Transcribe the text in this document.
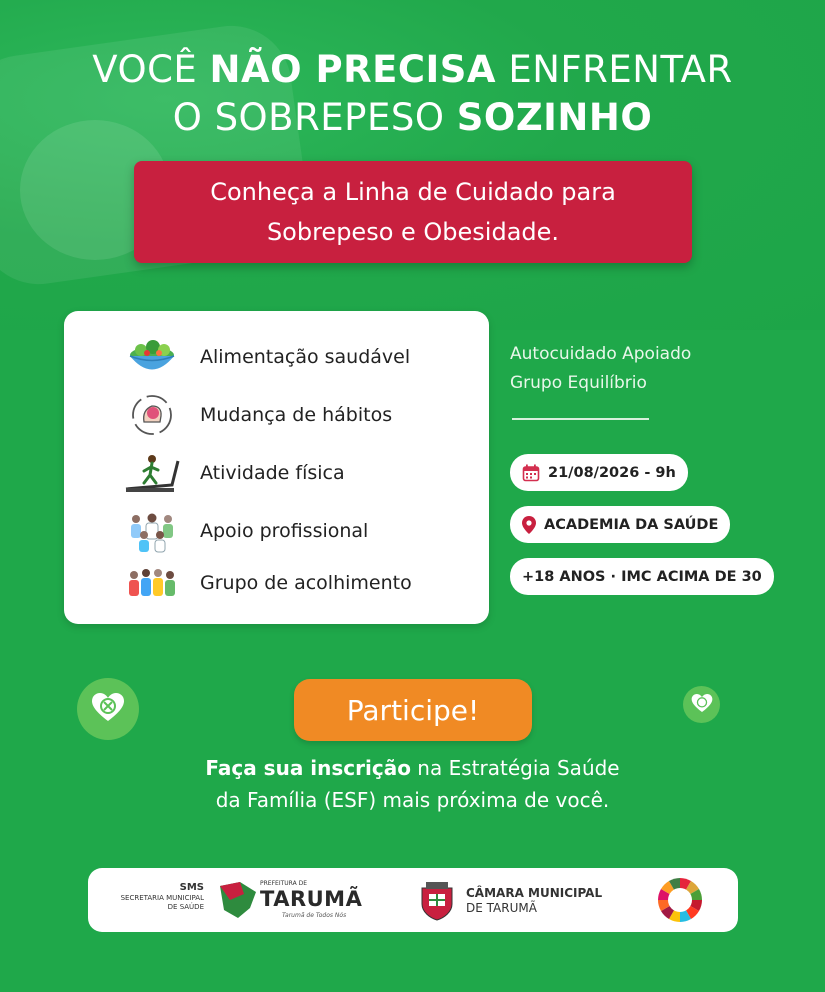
VOCÊ NÃO PRECISA ENFRENTAR
O SOBREPESO SOZINHO
Conheça a Linha de Cuidado para
Sobrepeso e Obesidade.
Alimentação saudável
Mudança de hábitos
Atividade física
Apoio profissional
Grupo de acolhimento
Autocuidado Apoiado
Grupo Equilíbrio
21/08/2026 - 9h
ACADEMIA DA SAÚDE
+18 ANOS · IMC ACIMA DE 30
Participe!
Faça sua inscrição na Estratégia Saúde
da Família (ESF) mais próxima de você.
SMS
SECRETARIA MUNICIPAL
DE SAÚDE
PREFEITURA DE
TARUMÃ
Tarumã de Todos Nós
CÂMARA MUNICIPAL
DE TARUMÃ
